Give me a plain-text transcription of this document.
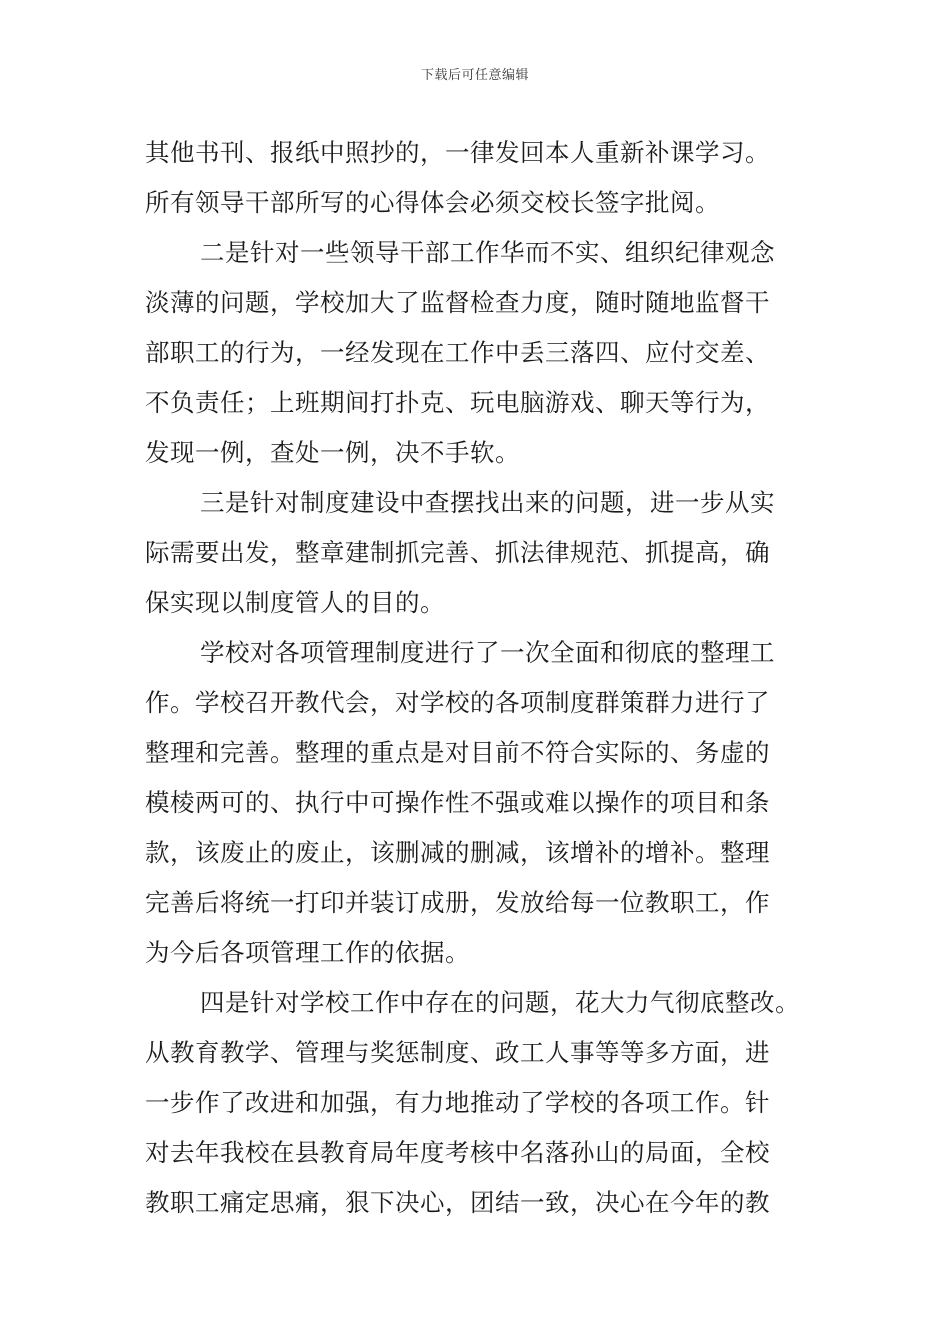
下载后可任意编辑
其他书刊、报纸中照抄的，一律发回本人重新补课学习。
所有领导干部所写的心得体会必须交校长签字批阅。
二是针对一些领导干部工作华而不实、组织纪律观念
淡薄的问题，学校加大了监督检查力度，随时随地监督干
部职工的行为，一经发现在工作中丢三落四、应付交差、
不负责任；上班期间打扑克、玩电脑游戏、聊天等行为，
发现一例，查处一例，决不手软。
三是针对制度建设中查摆找出来的问题，进一步从实
际需要出发，整章建制抓完善、抓法律规范、抓提高，确
保实现以制度管人的目的。
学校对各项管理制度进行了一次全面和彻底的整理工
作。学校召开教代会，对学校的各项制度群策群力进行了
整理和完善。整理的重点是对目前不符合实际的、务虚的
模棱两可的、执行中可操作性不强或难以操作的项目和条
款，该废止的废止，该删减的删减，该增补的增补。整理
完善后将统一打印并装订成册，发放给每一位教职工，作
为今后各项管理工作的依据。
四是针对学校工作中存在的问题，花大力气彻底整改。
从教育教学、管理与奖惩制度、政工人事等等多方面，进
一步作了改进和加强，有力地推动了学校的各项工作。针
对去年我校在县教育局年度考核中名落孙山的局面，全校
教职工痛定思痛，狠下决心，团结一致，决心在今年的教
